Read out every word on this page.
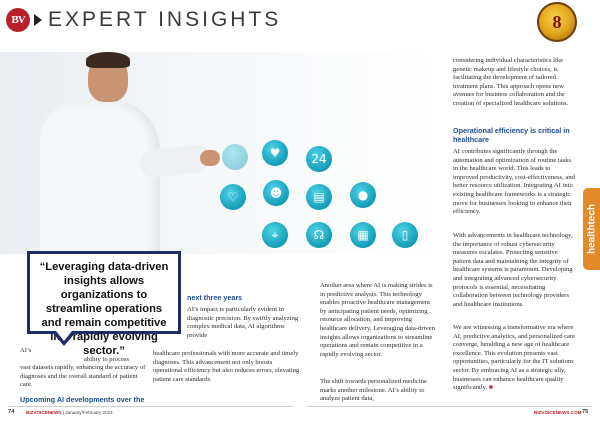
BV EXPERT INSIGHTS	8
♥	24
♡	☻	▤	●
⌖	☊	▦	▯
“Leveraging data-driven insights allows organizations to streamline operations and remain competitive in a rapidly evolving sector.”
AI’s
ability to process
vast datasets rapidly, enhancing the accuracy of diagnoses and the overall standard of patient care.
Upcoming AI developments over the
next three years
AI’s impact is particularly evident in diagnostic precision. By swiftly analyzing complex medical data, AI algorithms provide
healthcare professionals with more accurate and timely diagnoses. This advancement not only boosts operational efficiency but also reduces errors, elevating patient care standards.
Another area where AI is making strides is in predictive analysis. This technology enables proactive healthcare management by anticipating patient needs, optimizing resource allocation, and improving healthcare delivery. Leveraging data-driven insights allows organizations to streamline operations and remain competitive in a rapidly evolving sector.
The shift towards personalized medicine marks another milestone. AI’s ability to analyze patient data,
considering individual characteristics like genetic makeup and lifestyle choices, is facilitating the development of tailored treatment plans. This approach opens new avenues for business collaboration and the creation of specialized healthcare solutions.
Operational efficiency is critical in healthcare
AI contributes significantly through the automation and optimization of routine tasks in the healthcare world. This leads to improved productivity, cost-effectiveness, and better resource utilization. Integrating AI into existing healthcare frameworks is a strategic move for businesses looking to enhance their efficiency.
With advancements in healthcare technology, the importance of robust cybersecurity measures escalates. Protecting sensitive patient data and maintaining the integrity of healthcare systems is paramount. Developing and integrating advanced cybersecurity protocols is essential, necessitating collaboration between technology providers and healthcare institutions.
We are witnessing a transformative era where AI, predictive analytics, and personalized care converge, heralding a new age of healthcare excellence. This evolution presents vast opportunities, particularly for the IT solutions sector. By embracing AI as a strategic ally, businesses can enhance healthcare quality significantly. ■
healthtech
74	BIZVOICENEWS | January/February 2024	BIZVOICENEWS.COM 75
